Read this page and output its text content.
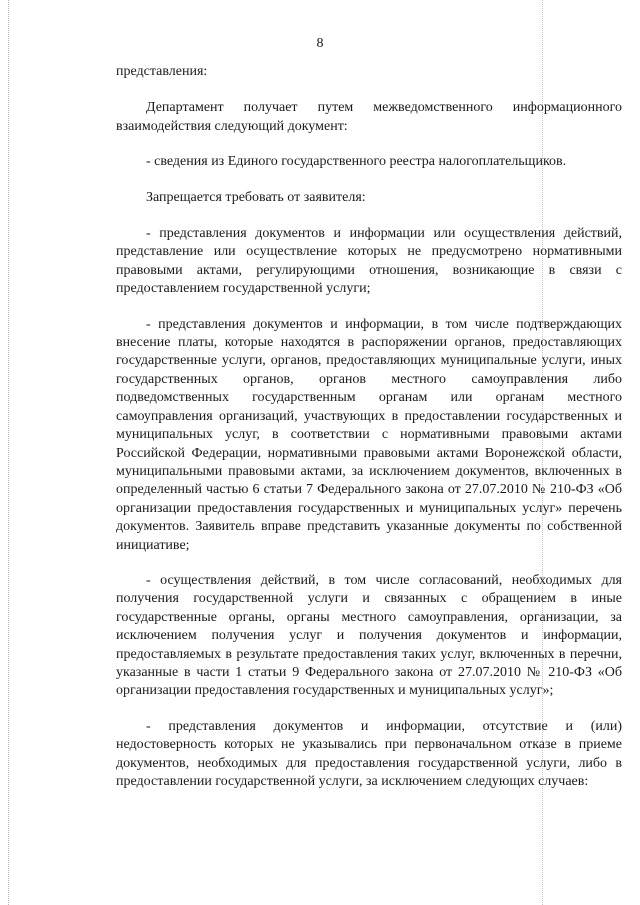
8

представления:

Департамент получает путем межведомственного информационного взаимодействия следующий документ:

- сведения из Единого государственного реестра налогоплательщиков.

Запрещается требовать от заявителя:

- представления документов и информации или осуществления действий, представление или осуществление которых не предусмотрено нормативными правовыми актами, регулирующими отношения, возникающие в связи с предоставлением государственной услуги;

- представления документов и информации, в том числе подтверждающих внесение платы, которые находятся в распоряжении органов, предоставляющих государственные услуги, органов, предоставляющих муниципальные услуги, иных государственных органов, органов местного самоуправления либо подведомственных государственным органам или органам местного самоуправления организаций, участвующих в предоставлении государственных и муниципальных услуг, в соответствии с нормативными правовыми актами Российской Федерации, нормативными правовыми актами Воронежской области, муниципальными правовыми актами, за исключением документов, включенных в определенный частью 6 статьи 7 Федерального закона от 27.07.2010 № 210-ФЗ «Об организации предоставления государственных и муниципальных услуг» перечень документов. Заявитель вправе представить указанные документы по собственной инициативе;

- осуществления действий, в том числе согласований, необходимых для получения государственной услуги и связанных с обращением в иные государственные органы, органы местного самоуправления, организации, за исключением получения услуг и получения документов и информации, предоставляемых в результате предоставления таких услуг, включенных в перечни, указанные в части 1 статьи 9 Федерального закона от 27.07.2010 № 210-ФЗ «Об организации предоставления государственных и муниципальных услуг»;

- представления документов и информации, отсутствие и (или) недостоверность которых не указывались при первоначальном отказе в приеме документов, необходимых для предоставления государственной услуги, либо в предоставлении государственной услуги, за исключением следующих случаев:
